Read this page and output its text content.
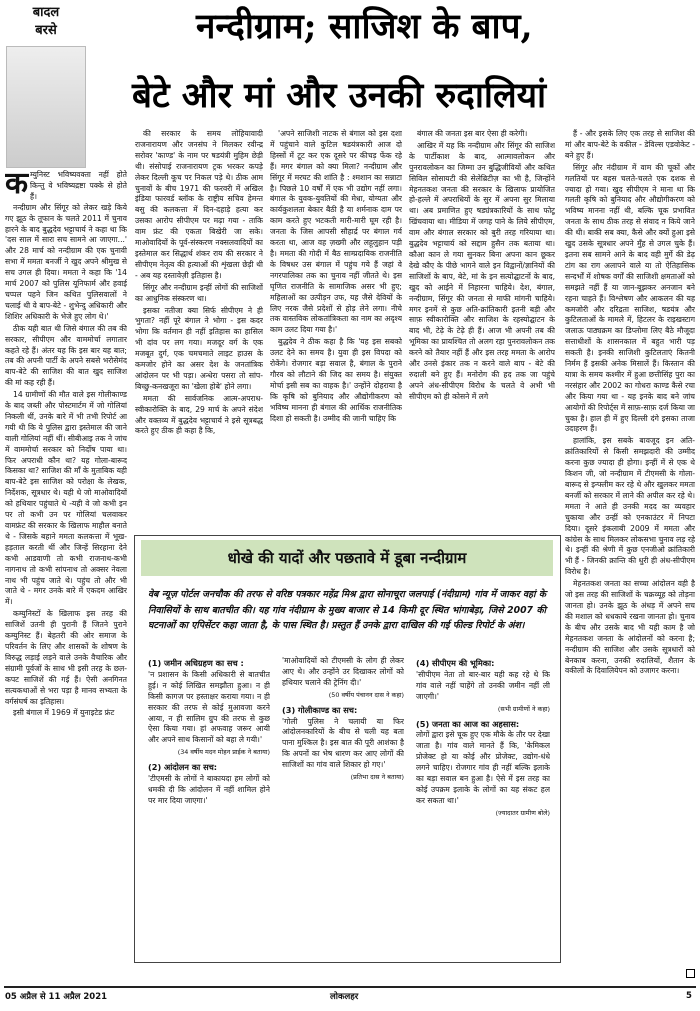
बादल
बरसे	नन्दीग्राम; साजिश के बाप,
बेटे और मां और उनकी रुदालियां
क म्युनिस्ट भविष्यवक्ता नहीं होते किन्तु वे भविष्यद्रष्टा पक्के से होते हैं।

नन्दीग्राम और सिंगूर को लेकर खड़े किये गए झूठ के तूफान के चलते 2011 में चुनाव हारने के बाद बुद्धदेव भट्टाचार्य ने कहा था कि 'दस साल में सारा सच सामने आ जाएगा...' और 28 मार्च को नन्दीग्राम की एक चुनावी सभा में ममता बनर्जी ने खुद अपने श्रीमुख से सच उगल ही दिया। ममता ने कहा कि '14 मार्च 2007 को पुलिस यूनिफार्म और हवाई चप्पल पहने जिन कथित पुलिसवालों ने चलाई थी वे बाप-बेटे - शुभेन्दु अधिकारी और शिशिर अधिकारी के भेजे हुए लोग थे।'

ठीक यही बात थी जिसे बंगाल की तब की सरकार, सीपीएम और वाममोर्चा लगातार कहते रहे हैं। अंतर यह कि इस बार यह बात; तब की अपनी पार्टी के अपने सबसे भरोसेमंद बाप-बेटे की साजिश की बात खुद साजिश की मां कह रही हैं।

14 ग्रामीणों की मौत वाले इस गोलीकाण्ड के बाद जब्ती और पोस्टमार्टम में जो गोलियां निकली थीं, उनके बारे में भी तभी रिपोर्ट आ गयी थी कि ये पुलिस द्वारा इस्तेमाल की जाने वाली गोलियां नहीं थीं। सीबीआइ तक ने जांच में वाममोर्चा सरकार को निर्दोष पाया था। फिर अपराधी कौन था? यह गोला-बारूद किसका था? साजिश की माँ के मुताबिक यही बाप-बेटे इस साजिश को परोक्षा के लेखक, निर्देशक, सूत्रधार थे। यही थे जो माओवादियों को हथियार पहुंचाते थे -यही वे जो कभी इन पर तो कभी उन पर गोलियां चलवाकर वामफ्रंट की सरकार के खिलाफ माहौल बनाते थे - जिसके बहाने ममता कलकत्ता में भूख-हड़ताल करती थीं और जिन्हें सिरहाना देने कभी आडवाणी तो कभी राजनाथ-कभी नागनाथ तो कभी सांपनाथ तो अक्सर नेवला नाथ भी पहुंच जाते थे। पहुंच तो और भी जाते थे - मगर उनके बारे में एकदम आखिर में।

कम्युनिस्टों के खिलाफ इस तरह की साजिशें उतनी ही पुरानी हैं जितने पुराने कम्युनिस्ट हैं। बेहतरी की ओर समाज के परिवर्तन के लिए और शासकों के शोषण के विरुद्ध लड़ाई लड़ने वाले उनके वैचारिक और संग्रामी पूर्वजों के साथ भी इसी तरह के छल-कपट साजिशें की गई हैं। ऐसी अनगिनत सत्यकथाओं से भरा पड़ा है मानव सभ्यता के वर्गसंघर्ष का इतिहास।

इसी बंगाल में 1969 में युनाइटेड फ्रंट

की सरकार के समय लोहियावादी राजनारायण और जनसंघ ने मिलकर रवीन्द्र सरोवर 'काण्ड' के नाम पर षडयंत्री मुहिम छेड़ी थी। संसोपाई राजनारायण ट्रक भरकर कपड़े लेकर दिल्ली कूच पर निकल पड़े थे। ठीक आम चुनावों के बीच 1971 की फरवरी में अखिल इंडिया फारवर्ड ब्लॉक के राष्ट्रीय सचिव हेमन्त बसु की कलकत्ता में दिन-दहाड़े हत्या कर उसका आरोप सीपीएम पर मढ़ा गया - ताकि वाम फ्रंट की एकता बिखेरी जा सके। माओवादियों के पूर्व-संस्करण नक्सलवादियों का इस्तेमाल कर सिद्धार्थ शंकर राय की सरकार ने सीपीएम नेतृत्व की हत्याओं की शृंखला छेड़ी थी - अब यह दस्तावेज़ी इतिहास है।

सिंगूर और नन्दीग्राम इन्हीं लोगों की साजिशों का आधुनिक संस्करण था।

इसका नतीजा क्या सिर्फ सीपीएम ने ही भुगता? नहीं पूरे बंगाल ने भोगा - इस कदर भोगा कि वर्तमान ही नहीं इतिहास का हासिल भी दांव पर लग गया। मजदूर वर्ग के एक मजबूत दुर्ग, एक चमचमाते लाइट हाउस के कमजोर होने का असर देश के जनतांत्रिक आंदोलन पर भी पड़ा। अन्धेरा पसरा तो सांप-बिच्छु-कनखजूरा का 'खेला होबे' होने लगा।

ममता की सार्वजनिक आत्म-अपराध-स्वीकारोक्ति के बाद, 29 मार्च के अपने संदेश और वक्तव्य में बुद्धदेव भट्टाचार्य ने इसे सूत्रबद्ध करते हुए ठीक ही कहा है कि,

'अपने साजिशी नाटक से बंगाल को इस दशा में पहुंचाने वाले कुटिल षडयंत्रकारी आज दो हिस्सों में टूट कर एक दूसरे पर कीचड़ फेंक रहे हैं। मगर बंगाल को क्या मिला? नन्दीग्राम और सिंगूर में मरघट की शांति है : श्मशान का सन्नाटा है। पिछले 10 वर्षों में एक भी उद्योग नहीं लगा। बंगाल के युवक-युवतियों की मेधा, योग्यता और कार्यकुशलता बेकार बैठी है या शर्मनाक दाम पर काम करते हुए भटकती मारी-मारी घूम रही है। जनता के जिस आपसी सौहार्द्र पर बंगाल गर्व करता था, आज वह ज़ख्मी और लहूलुहान पड़ी है। ममता की गोदी में बैठ साम्प्रदायिक राजनीति के विषधर उस बंगाल में पहुंच गये हैं जहां वे नगरपालिका तक का चुनाव नहीं जीतते थे। इस घृणित राजनीति के सामाजिक असर भी हुए; महिलाओं का उत्पीड़न उफ, यह जैसे देवियों के लिए नरक जैसे प्रदेशों से होड़ लेने लगा। नीचे तक वास्तविक लोकतांत्रिकता का नाम का अदृश्य काम उलट दिया गया है।'

बुद्धदेव ने ठीक कहा है कि 'यह इस सबको उलट देने का समय है। युवा ही इस विपदा को रोकेंगे। रोजगार बड़ा सवाल है, बंगाल के पुराने गौरव को लौटाने की जिद का समय है। संयुक्त मोर्चा इसी सब का वाहक है।' उन्होंने दोहराया है कि कृषि को बुनियाद और औद्योगीकरण को भविष्य मानना ही बंगाल की आर्थिक राजनीतिक दिशा हो सकती है। उम्मीद की जानी चाहिए कि

बंगाल की जनता इस बार ऐसा ही करेगी।

आखिर में यह कि नन्दीग्राम और सिंगूर की साजिश के पार्टीकाश के बाद, आत्मावलोकन और पुनरावलोकन का जिम्मा उन बुद्धिजीवियों और कथित सिविल सोसायटी की सेलेब्रिटीज़ का भी है, जिन्होंने मेहनतकश जनता की सरकार के खिलाफ प्रायोजित हो-हल्ले में अपराधियों के सुर में अपना सुर मिलाया था। अब प्रमाणित हुए षड्यंत्रकारियों के साथ फोटू खिंचवाया था। मीडिया में जगह पाने के लिये सीपीएम, वाम और बंगाल सरकार को बुरी तरह गरियाया था। बुद्धदेव भट्टाचार्य को सद्दाम हुसैन तक बताया था। कौआ कान ले गया सुनकर बिना अपना कान छूकर देखे कौए के पीछे भागने वाले इन विद्वानों/ज्ञानियों की साजिशों के बाप, बेटे, मां के इन सत्योद्घाटनों के बाद, खुद को आईने में निहारना चाहिये। देश, बंगाल, नन्दीग्राम, सिंगूर की जनता से माफी मांगनी चाहिये। मगर इनमें से कुछ अति-क्रांतिकारी इतनी बड़ी और साफ़ स्वीकारोक्ति और साजिश के रहस्योद्घाटन के बाद भी, टेढ़े के टेढ़े ही हैं। आज भी अपनी तब की भूमिका का प्रायश्चित तो अलग रहा पुनरावलोकन तक करने को तैयार नहीं हैं और इस तरह ममता के आरोप और उनसे इंकार तक न करने वाले बाप - बेटे की रुदाली बने हुए हैं। मनोरोग की हद तक जा पहुंचे अपने अंध-सीपीएम विरोध के चलते वे अभी भी सीपीएम को ही कोसने में लगे

हैं - और इसके लिए एक तरह से साजिश की मां और बाप-बेटे के वकील - डेविल्स एडवोकेट - बने हुए हैं।

सिंगूर और नंदीग्राम में वाम की चूकों और गलतियों पर बहस चलते-चलते एक दशक से ज्यादा हो गया। खुद सीपीएम ने माना था कि गलती कृषि को बुनियाद और औद्योगीकरण को भविष्य मानना नहीं थी, बल्कि चूक प्रभावित जनता के साथ ठीक तरह से संवाद न किये जाने की थी। बाकी सब क्या, कैसे और क्यों हुआ इसे खुद उसके सूत्रधार अपने मुँह से उगल चुके हैं। इतना सब सामने आने के बाद वही मुर्गे की डेढ़ टांग का राग अलापने वाले या तो ऐतिहासिक सन्दर्भों में शोषक वर्गों की साजिशी क्षमताओं को समझते नहीं हैं या जान-बूझकर अनजान बने रहना चाहते हैं। विश्लेषण और आकलन की यह कमजोरी और दरिद्रता साजिश, षडयंत्र और कुटिलताओं के मामले में, हिटलर के राइखस्टाग जलाऊ पाठ्यक्रम का डिप्लोमा लिए बैठे मौजूदा सत्ताधीशों के शासनकाल में बहुत भारी पड़ सकती है। इनकी साजिशी कुटिलताएं कितनी निर्मम हैं इसकी अनेक मिसालें हैं। किस्तान की यात्रा के समय कश्मीर में हुआ छत्तीसिंह पुरा का नरसंहार और 2002 का गोधरा काण्ड कैसे रचा और किया गया था - यह इनके बाद बने जांच आयोगों की रिपोर्ट्स में साफ़-साफ़ दर्ज किया जा चुका है। हाल ही में हुए दिल्ली दंगे इसका ताजा उदाहरण हैं।

हालांकि, इस सबके बावजूद इन अति-क्रांतिकारियों से किसी समझदारी की उम्मीद करना कुछ ज्यादा ही होगा। इन्हीं में से एक थे किशन जी, जो नन्दीग्राम में टीएमसी के गोला-बारूद से इन्फ्लीम कर रहे थे और खुलकर ममता बनर्जी को सरकार में लाने की अपील कर रहे थे। ममता ने आते ही उनकी मदद का व्यवहार चुकाया और उन्हीं को एनकाउंटर में निपटा दिया। दूसरे इंकलाबी 2009 में ममता और कांग्रेस के साथ मिलकर लोकसभा चुनाव लड़ रहे थे। इन्हीं की श्रेणी में कुछ एनजीओ क्रांतिकारी भी हैं - जिनकी क्रान्ति की धुरी ही अंध-सीपीएम विरोध है।

मेहनतकश जनता का सच्चा आंदोलन वही है जो इस तरह की साजिशों के चक्रव्यूह को तोड़ना जानता हो। उनके झूठ के अंधड़ में अपने सच की मशाल को धधकाये रखना जानता हो। चुनाव के बीच और उसके बाद भी यही काम है जो मेहनतकश जनता के आंदोलनों को करना है; नन्दीग्राम की साजिश और उसके सूत्रधारों को बेनकाब करना, उनकी रुदालियों, शैतान के वकीलों के दिवालियेपन को उजागर करना।

धोखे की यादों और पछतावे में डूबा नन्दीग्राम
वेब न्यूज़ पोर्टल जनचौक की तरफ से वरिष्ठ पत्रकार महेंद्र मिश्र द्वारा सोनाचूरा जलपाई (नंदीग्राम) गांव में जाकर वहां के निवासियों के साथ बातचीत की। यह गांव नंदीग्राम के मुख्य बाजार से 14 किमी दूर स्थित भांगाबेड़ा, जिसे 2007 की घटनाओं का एपिसेंटर कहा जाता है, के पास स्थित है। प्रस्तुत हैं उनके द्वारा दाखिल की गई फील्ड रिपोर्ट के अंश।
(1) जमीन अधिग्रहण का सच :

'न प्रशासन के किसी अधिकारी से बातचीत हुई। न कोई लिखित समझौता हुआ। न ही किसी कागज पर हस्ताक्षर कराया गया। न ही सरकार की तरफ से कोई मुआवजा करने आया, न ही सालिम ग्रुप की तरफ से कुछ ऐसा किया गया। हां अफवाह जरूर आयी और अपने साथ किसानों को बहा ले गयी।'

(34 वर्षीय मदन मोहन प्राईक ने बताया)

(2) आंदोलन का सच:

'टीएमसी के लोगों ने बाकायदा हम लोगों को धमकी दी कि आंदोलन में नहीं शामिल होने पर मार दिया जाएगा।'

'माओवादियों को टीएमसी के लोग ही लेकर आए थे। और उन्होंने उर दिखाकर लोगों को हथियार चलाने की ट्रेनिंग दी।'

(50 वर्षीय पंचानन दास ने कहा)

(3) गोलीकाण्ड का सच:

'गोली पुलिस ने चलायी या फिर आंदोलनकारियों के बीच से चली यह बता पाना मुश्किल है। इस बात की पूरी आशंका है कि अपनों का भेष धारण कर आए लोगों की साजिशों का गांव वाले शिकार हो गए।'

(प्रतिभा दास ने बताया)

(4) सीपीएम की भूमिका:

'सीपीएम नेता तो बार-बार यही कह रहे थे कि गांव वाले नहीं चाहेंगे तो उनकी जमीन नहीं ली जाएगी।'

(सभी ग्रामीणों ने कहा)

(5) जनता का आज का अहसास:

लोगों द्वारा इसे चूक हुए एक मौके के तौर पर देखा जाता है। गांव वाले मानते हैं कि, 'केमिकल प्रोजेक्ट हो या कोई और प्रोजेक्ट, उद्योग-धंधे लगने चाहिए। रोजगार गांव ही नहीं बल्कि इलाके का बड़ा सवाल बन हुआ है। ऐसे में इस तरह का कोई उपक्रम इलाके के लोगों का यह संकट हल कर सकता था।'

(ज्यादातर ग्रामीण बोले)

05 अप्रैल से 11 अप्रैल 2021	लोकलहर	5
